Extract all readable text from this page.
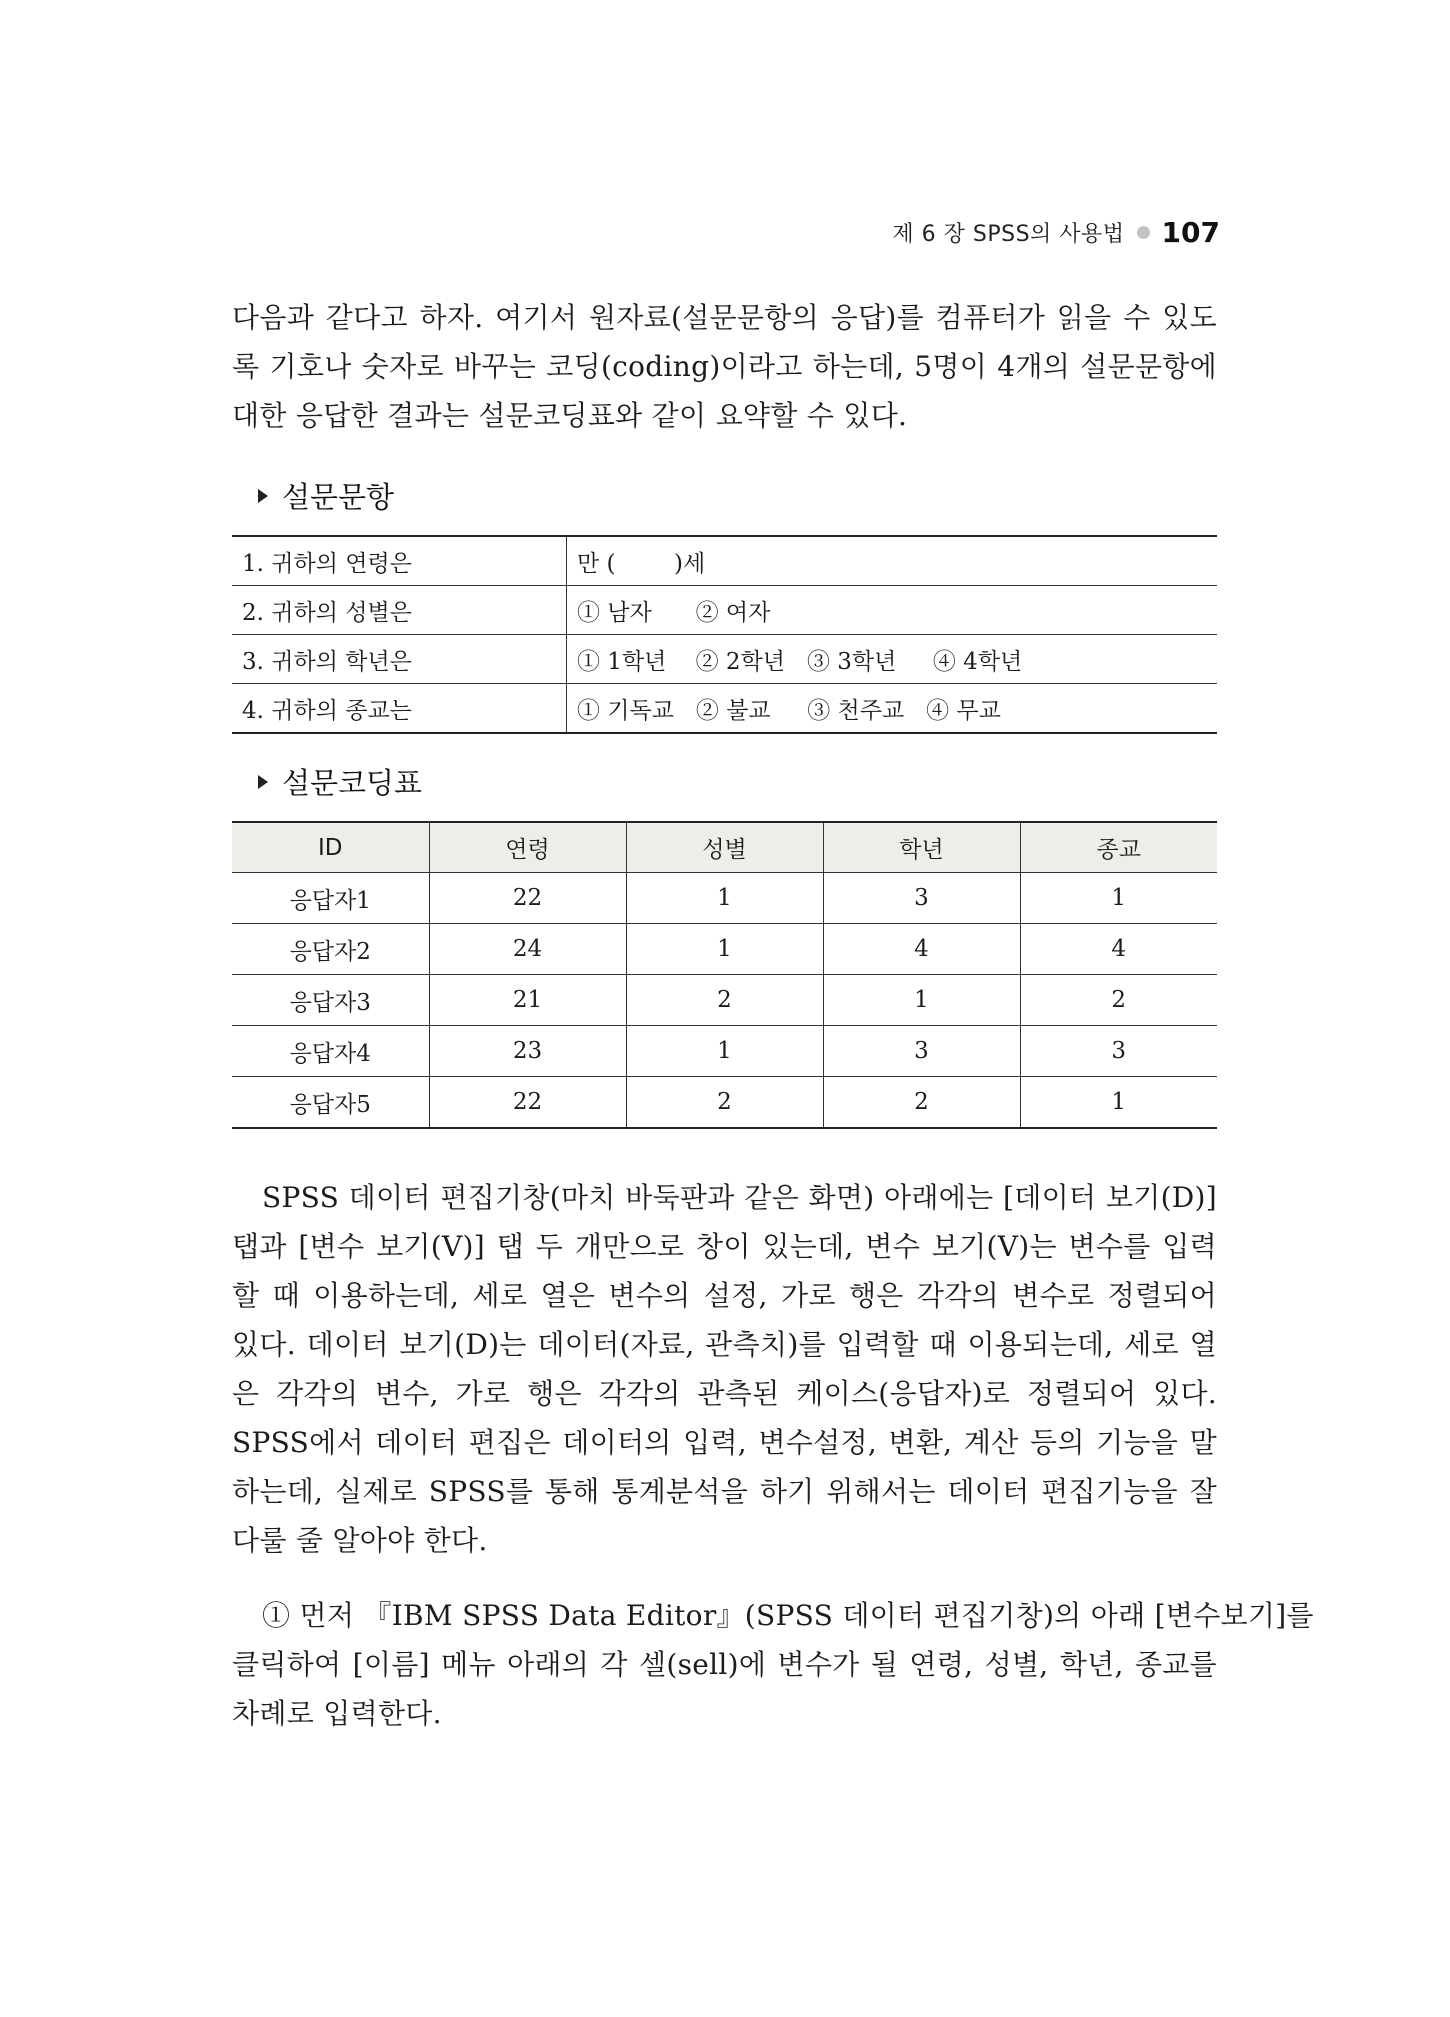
제 6 장 SPSS의 사용법 107
다음과 같다고 하자. 여기서 원자료(설문문항의 응답)를 컴퓨터가 읽을 수 있도
록 기호나 숫자로 바꾸는 코딩(coding)이라고 하는데, 5명이 4개의 설문문항에
대한 응답한 결과는 설문코딩표와 같이 요약할 수 있다.
설문문항
1. 귀하의 연령은	만 (        )세
2. 귀하의 성별은	① 남자      ② 여자
3. 귀하의 학년은	① 1학년    ② 2학년   ③ 3학년     ④ 4학년
4. 귀하의 종교는	① 기독교   ② 불교     ③ 천주교   ④ 무교
설문코딩표
ID	연령	성별	학년	종교
응답자1	22	1	3	1
응답자2	24	1	4	4
응답자3	21	2	1	2
응답자4	23	1	3	3
응답자5	22	2	2	1
SPSS 데이터 편집기창(마치 바둑판과 같은 화면) 아래에는 [데이터 보기(D)]
탭과 [변수 보기(V)] 탭 두 개만으로 창이 있는데, 변수 보기(V)는 변수를 입력
할 때 이용하는데, 세로 열은 변수의 설정, 가로 행은 각각의 변수로 정렬되어
있다. 데이터 보기(D)는 데이터(자료, 관측치)를 입력할 때 이용되는데, 세로 열
은 각각의 변수, 가로 행은 각각의 관측된 케이스(응답자)로 정렬되어 있다.
SPSS에서 데이터 편집은 데이터의 입력, 변수설정, 변환, 계산 등의 기능을 말
하는데, 실제로 SPSS를 통해 통계분석을 하기 위해서는 데이터 편집기능을 잘
다룰 줄 알아야 한다.
① 먼저 『IBM SPSS Data Editor』(SPSS 데이터 편집기창)의 아래 [변수보기]를
클릭하여 [이름] 메뉴 아래의 각 셀(sell)에 변수가 될 연령, 성별, 학년, 종교를
차례로 입력한다.
